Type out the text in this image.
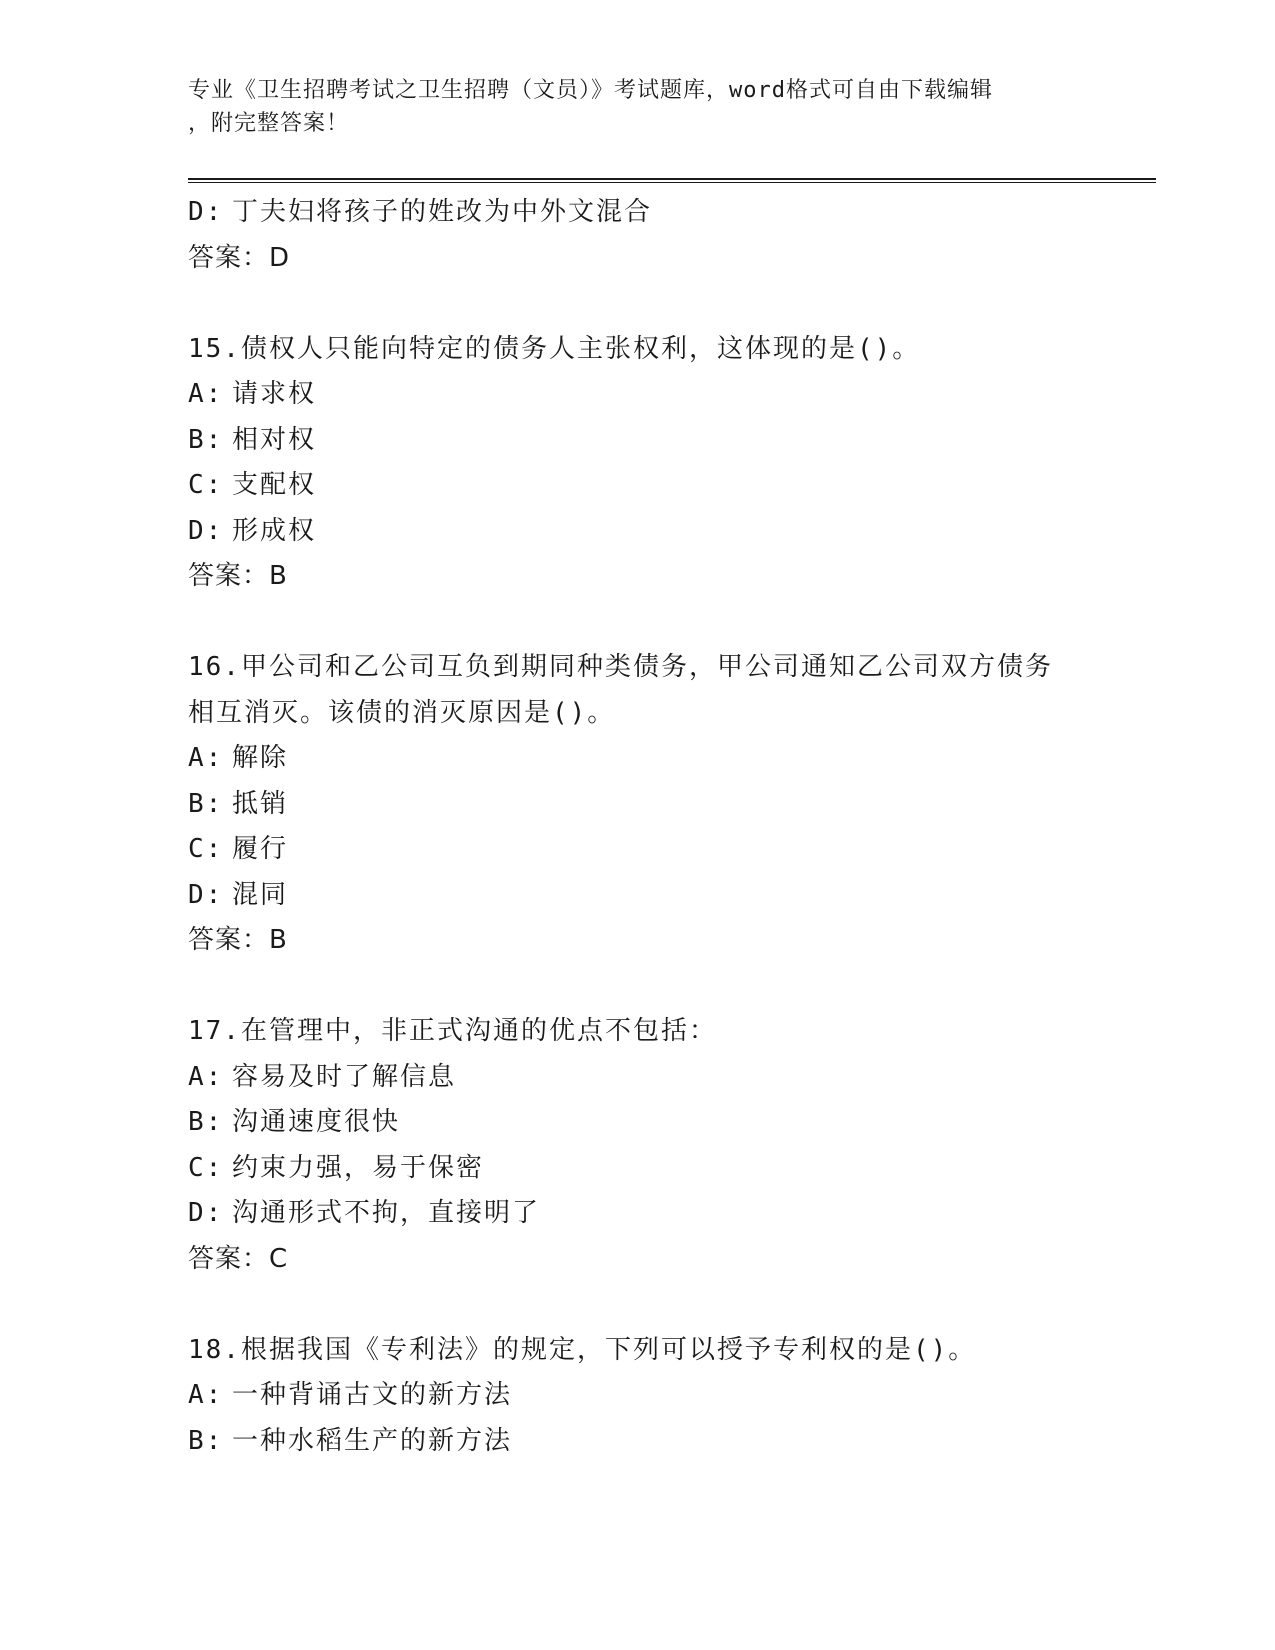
专业《卫生招聘考试之卫生招聘（文员）》考试题库，word格式可自由下载编辑
，附完整答案！
D: 丁夫妇将孩子的姓改为中外文混合
答案：D
15.债权人只能向特定的债务人主张权利，这体现的是()。
A: 请求权
B: 相对权
C: 支配权
D: 形成权
答案：B
16.甲公司和乙公司互负到期同种类债务，甲公司通知乙公司双方债务
相互消灭。该债的消灭原因是()。
A: 解除
B: 抵销
C: 履行
D: 混同
答案：B
17.在管理中，非正式沟通的优点不包括：
A: 容易及时了解信息
B: 沟通速度很快
C: 约束力强，易于保密
D: 沟通形式不拘，直接明了
答案：C
18.根据我国《专利法》的规定，下列可以授予专利权的是()。
A: 一种背诵古文的新方法
B: 一种水稻生产的新方法
